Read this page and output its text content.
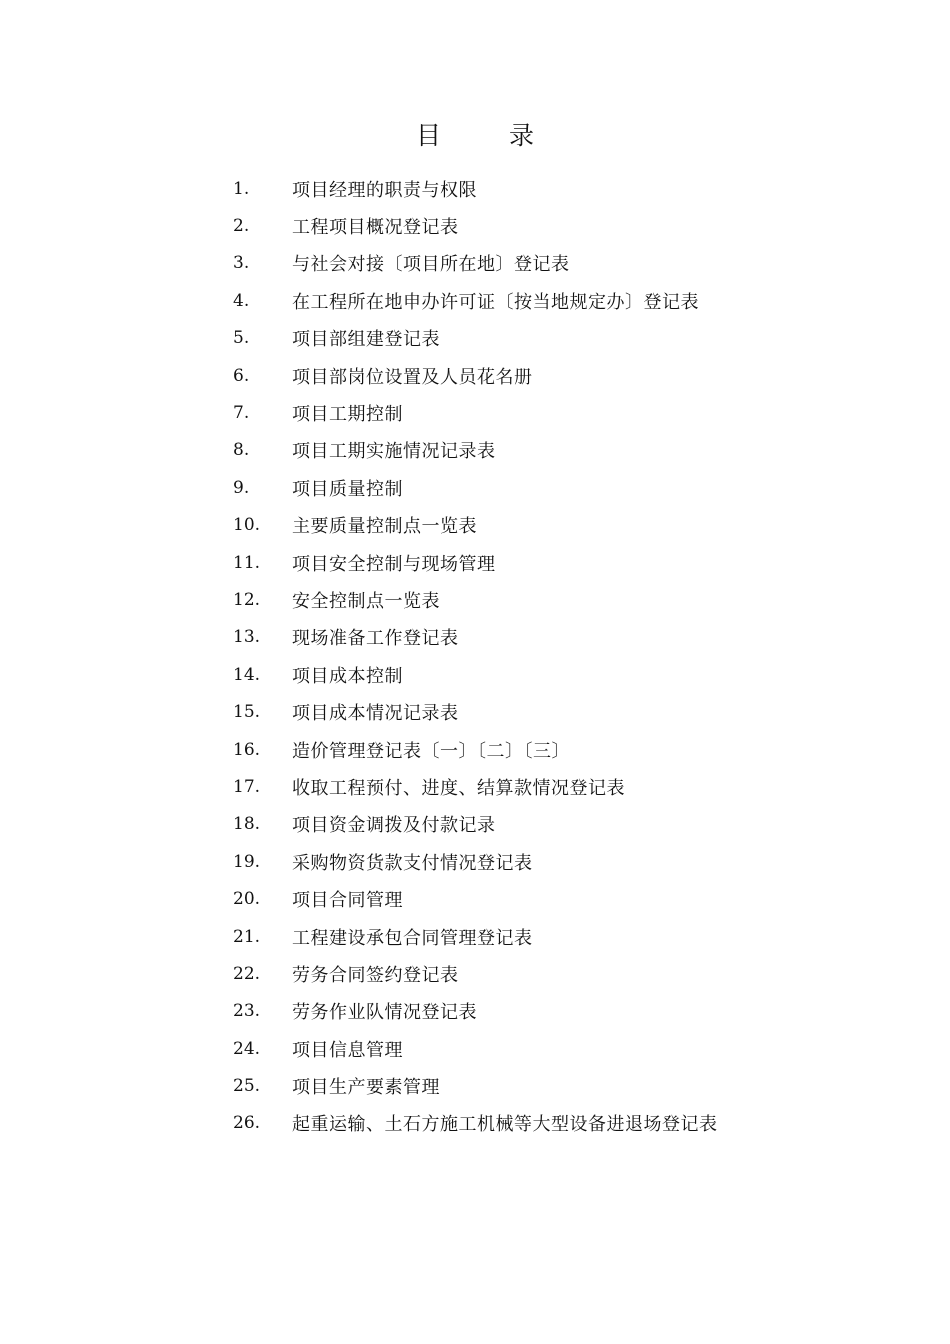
目 录
1.	项目经理的职责与权限
2.	工程项目概况登记表
3.	与社会对接〔项目所在地〕登记表
4.	在工程所在地申办许可证〔按当地规定办〕登记表
5.	项目部组建登记表
6.	项目部岗位设置及人员花名册
7.	项目工期控制
8.	项目工期实施情况记录表
9.	项目质量控制
10.	主要质量控制点一览表
11.	项目安全控制与现场管理
12.	安全控制点一览表
13.	现场准备工作登记表
14.	项目成本控制
15.	项目成本情况记录表
16.	造价管理登记表〔一〕〔二〕〔三〕
17.	收取工程预付、进度、结算款情况登记表
18.	项目资金调拨及付款记录
19.	采购物资货款支付情况登记表
20.	项目合同管理
21.	工程建设承包合同管理登记表
22.	劳务合同签约登记表
23.	劳务作业队情况登记表
24.	项目信息管理
25.	项目生产要素管理
26.	起重运输、土石方施工机械等大型设备进退场登记表
